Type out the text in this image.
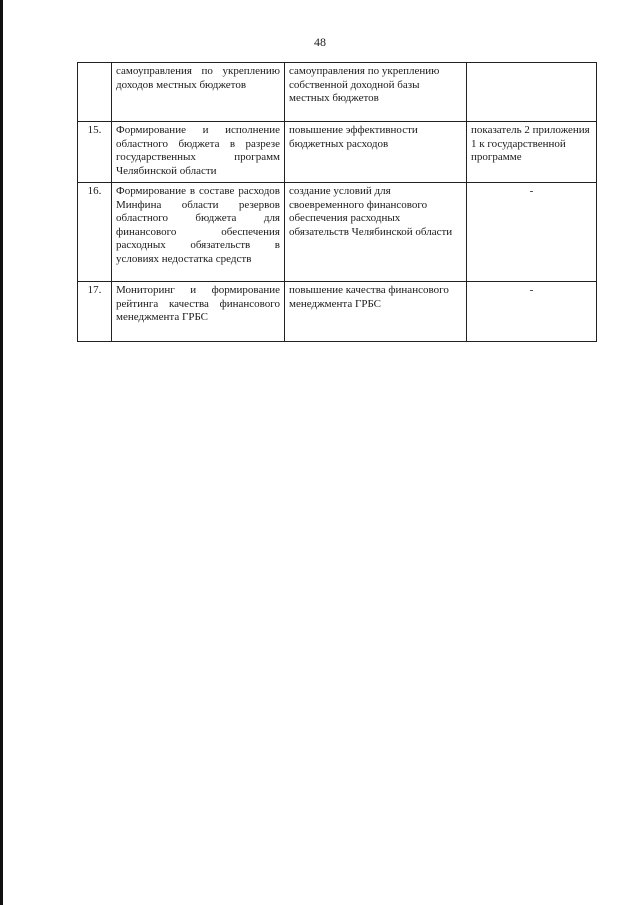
48
	самоуправления по укреплению доходов местных бюджетов	самоуправления по укреплению собственной доходной базы местных бюджетов	
15.	Формирование и исполнение областного бюджета в разрезе государственных программ Челябинской области	повышение эффективности бюджетных расходов	показатель 2 приложения 1 к государственной программе
16.	Формирование в составе расходов Минфина области резервов областного бюджета для финансового обеспечения расходных обязательств в условиях недостатка средств	создание условий для своевременного финансового обеспечения расходных обязательств Челябинской области	-
17.	Мониторинг и формирование рейтинга качества финансового менеджмента ГРБС	повышение качества финансового менеджмента ГРБС	-
